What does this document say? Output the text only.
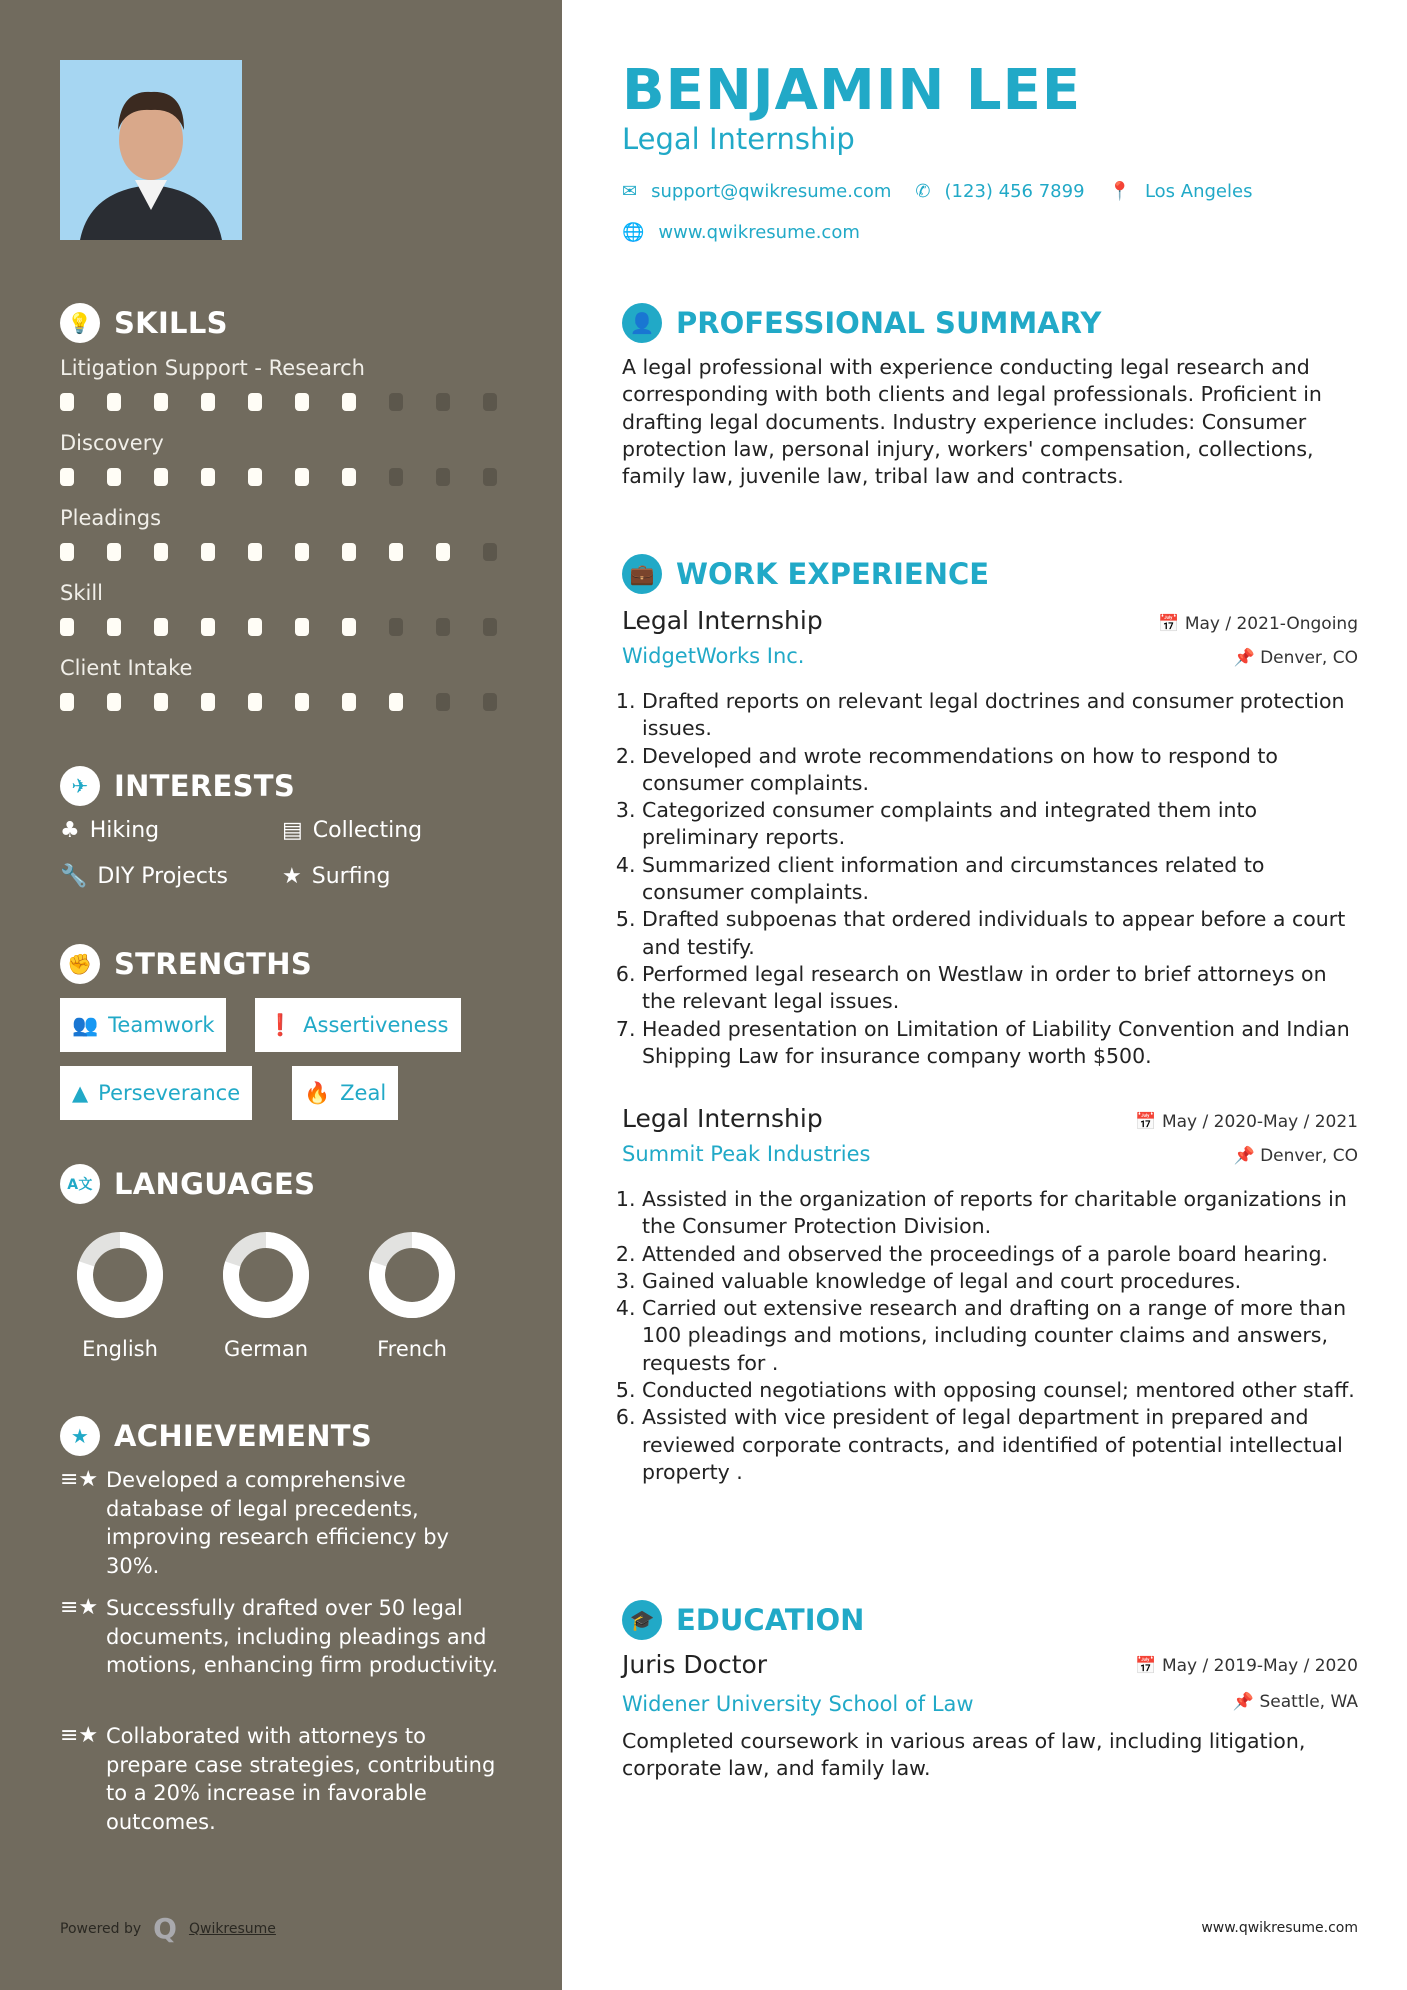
💡 SKILLS
Litigation Support - Research
Discovery
Pleadings
Skill
Client Intake
✈ INTERESTS
♣ Hiking	▤ Collecting
🔧 DIY Projects ★ Surfing
✊ STRENGTHS
👥 Teamwork	❗ Assertiveness
▲ Perseverance	🔥 Zeal
A文 LANGUAGES
English	German	French
★ ACHIEVEMENTS
≡★ Developed a comprehensive database of legal precedents, improving research efficiency by 30%.
≡★ Successfully drafted over 50 legal documents, including pleadings and motions, enhancing firm productivity.
≡★ Collaborated with attorneys to prepare case strategies, contributing to a 20% increase in favorable outcomes.
Powered by Q Qwikresume
BENJAMIN LEE
Legal Internship
✉ support@qwikresume.com ✆ (123) 456 7899 📍 Los Angeles
🌐 www.qwikresume.com
👤 PROFESSIONAL SUMMARY
A legal professional with experience conducting legal research and corresponding with both clients and legal professionals. Proficient in drafting legal documents. Industry experience includes: Consumer protection law, personal injury, workers' compensation, collections, family law, juvenile law, tribal law and contracts.
💼 WORK EXPERIENCE
Legal Internship	📅 May / 2021-Ongoing
WidgetWorks Inc.	📌 Denver, CO
1. Drafted reports on relevant legal doctrines and consumer protection issues.
2. Developed and wrote recommendations on how to respond to consumer complaints.
3. Categorized consumer complaints and integrated them into preliminary reports.
4. Summarized client information and circumstances related to consumer complaints.
5. Drafted subpoenas that ordered individuals to appear before a court and testify.
6. Performed legal research on Westlaw in order to brief attorneys on the relevant legal issues.
7. Headed presentation on Limitation of Liability Convention and Indian Shipping Law for insurance company worth $500.
Legal Internship	📅 May / 2020-May / 2021
Summit Peak Industries	📌 Denver, CO
1. Assisted in the organization of reports for charitable organizations in the Consumer Protection Division.
2. Attended and observed the proceedings of a parole board hearing.
3. Gained valuable knowledge of legal and court procedures.
4. Carried out extensive research and drafting on a range of more than 100 pleadings and motions, including counter claims and answers, requests for .
5. Conducted negotiations with opposing counsel; mentored other staff.
6. Assisted with vice president of legal department in prepared and reviewed corporate contracts, and identified of potential intellectual property .
🎓 EDUCATION
Juris Doctor	📅 May / 2019-May / 2020
Widener University School of Law	📌 Seattle, WA
Completed coursework in various areas of law, including litigation, corporate law, and family law.
www.qwikresume.com
